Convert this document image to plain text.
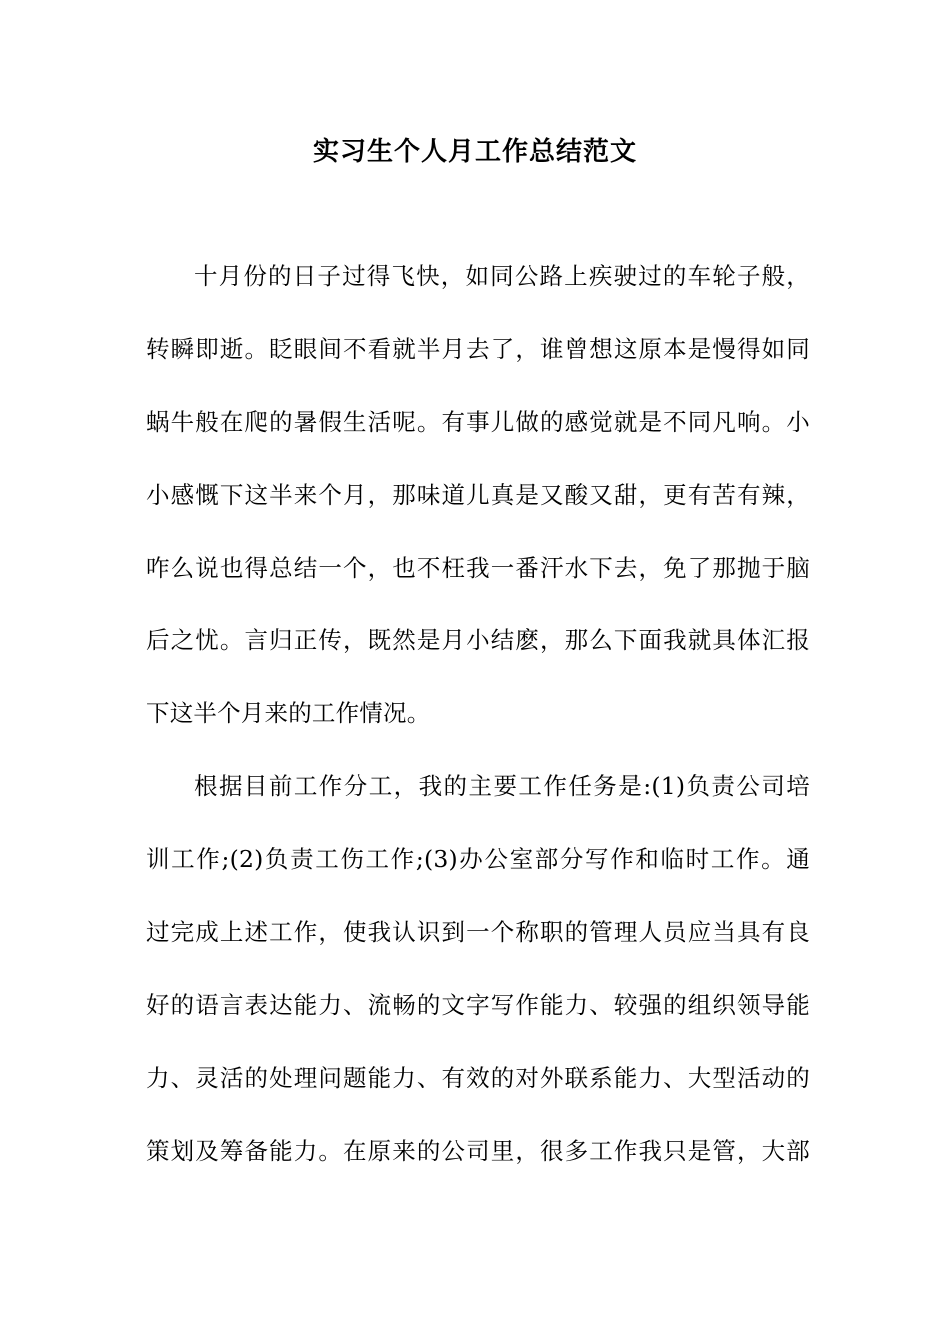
实习生个人月工作总结范文
十月份的日子过得飞快，如同公路上疾驶过的车轮子般，
转瞬即逝。眨眼间不看就半月去了，谁曾想这原本是慢得如同
蜗牛般在爬的暑假生活呢。有事儿做的感觉就是不同凡响。小
小感慨下这半来个月，那味道儿真是又酸又甜，更有苦有辣，
咋么说也得总结一个，也不枉我一番汗水下去，免了那抛于脑
后之忧。言归正传，既然是月小结麽，那么下面我就具体汇报
下这半个月来的工作情况。
根据目前工作分工，我的主要工作任务是:(1)负责公司培
训工作;(2)负责工伤工作;(3)办公室部分写作和临时工作。通
过完成上述工作，使我认识到一个称职的管理人员应当具有良
好的语言表达能力、流畅的文字写作能力、较强的组织领导能
力、灵活的处理问题能力、有效的对外联系能力、大型活动的
策划及筹备能力。在原来的公司里，很多工作我只是管，大部
